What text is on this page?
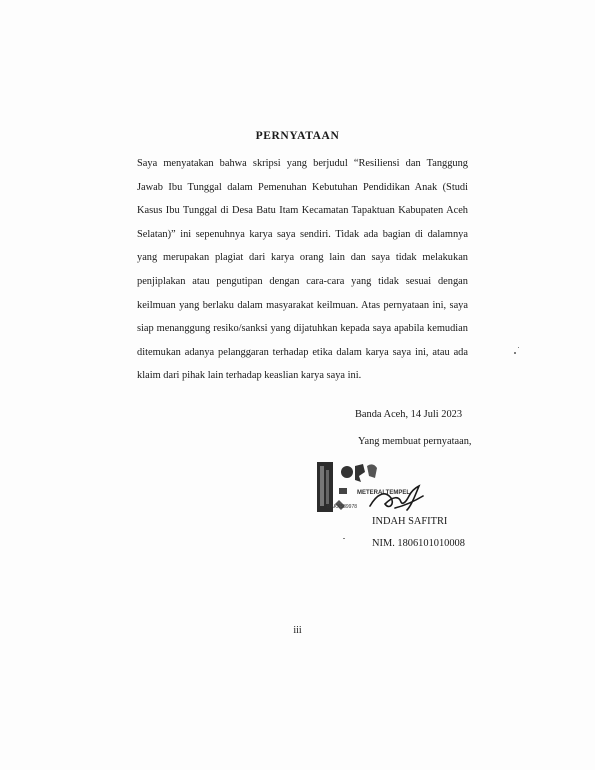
PERNYATAAN

Saya menyatakan bahwa skripsi yang berjudul “Resiliensi dan Tanggung Jawab Ibu Tunggal dalam Pemenuhan Kebutuhan Pendidikan Anak (Studi Kasus Ibu Tunggal di Desa Batu Itam Kecamatan Tapaktuan Kabupaten Aceh Selatan)” ini sepenuhnya karya saya sendiri. Tidak ada bagian di dalamnya yang merupakan plagiat dari karya orang lain dan saya tidak melakukan penjiplakan atau pengutipan dengan cara-cara yang tidak sesuai dengan keilmuan yang berlaku dalam masyarakat keilmuan. Atas pernyataan ini, saya siap menanggung resiko/sanksi yang dijatuhkan kepada saya apabila kemudian ditemukan adanya pelanggaran terhadap etika dalam karya saya ini, atau ada klaim dari pihak lain terhadap keaslian karya saya ini.

Banda Aceh, 14 Juli 2023
Yang membuat pernyataan,
METERAI TEMPEL
BAKX589978
INDAH SAFITRI
NIM. 1806101010008
iii
